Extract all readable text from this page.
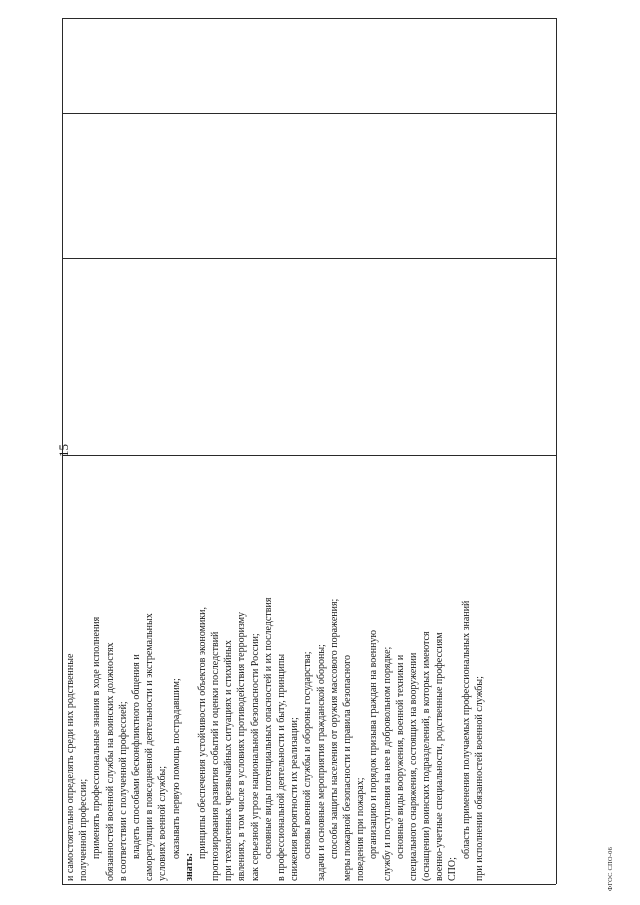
15
ФГОС СПО-06
и самостоятельно определять среди них родственные полученной профессии; применять профессиональные знания в ходе исполнения обязанностей военной службы на воинских должностях в соответствии с полученной профессией; владеть способами бесконфликтного общения и саморегуляции в повседневной деятельности и экстремальных условиях военной службы; оказывать первую помощь пострадавшим;
знать:
принципы обеспечения устойчивости объектов экономики, прогнозирования развития событий и оценки последствий при техногенных чрезвычайных ситуациях и стихийных явлениях, в том числе в условиях противодействия терроризму как серьезной угрозе национальной безопасности России; основные виды потенциальных опасностей и их последствия в профессиональной деятельности и быту, принципы снижения вероятности их реализации; основы военной службы и обороны государства; задачи и основные мероприятия гражданской обороны; способы защиты населения от оружия массового поражения; меры пожарной безопасности и правила безопасного поведения при пожарах; организацию и порядок призыва граждан на военную службу и поступления на нее в добровольном порядке; основные виды вооружения, военной техники и специального снаряжения, состоящих на вооружении (оснащении) воинских подразделений, в которых имеются военно-учетные специальности, родственные профессиям СПО;
область применения получаемых профессиональных знаний при исполнении обязанностей военной службы;
